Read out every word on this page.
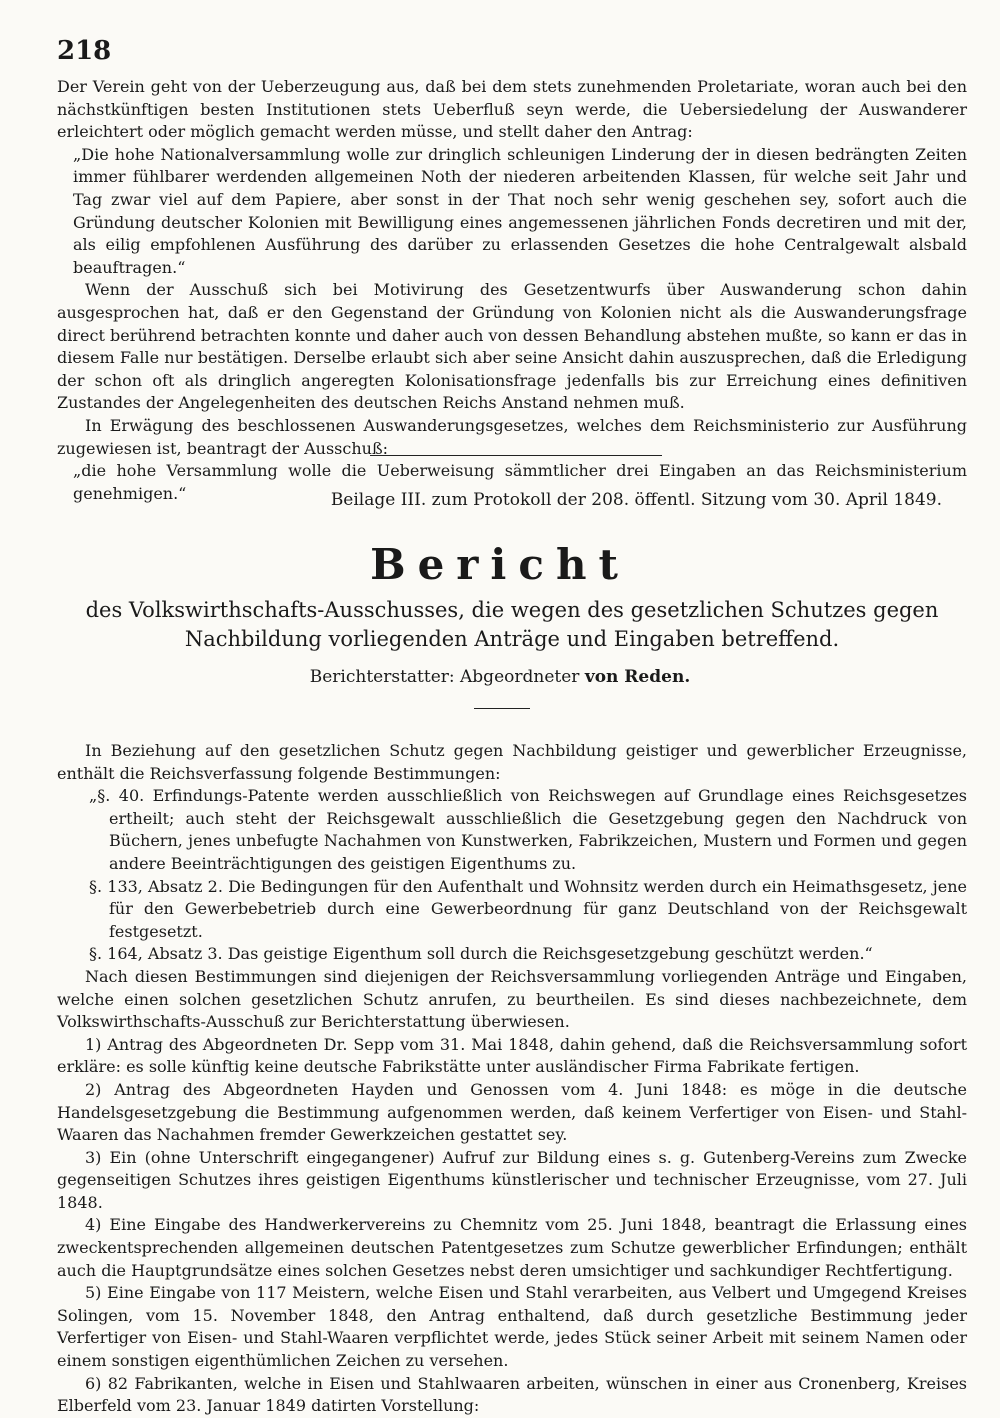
218

Der Verein geht von der Ueberzeugung aus, daß bei dem stets zunehmenden Proletariate, woran auch bei den nächstkünftigen besten Institutionen stets Ueberfluß seyn werde, die Uebersiedelung der Auswanderer erleichtert oder möglich gemacht werden müsse, und stellt daher den Antrag:

„Die hohe Nationalversammlung wolle zur dringlich schleunigen Linderung der in diesen bedrängten Zeiten immer fühlbarer werdenden allgemeinen Noth der niederen arbeitenden Klassen, für welche seit Jahr und Tag zwar viel auf dem Papiere, aber sonst in der That noch sehr wenig geschehen sey, sofort auch die Gründung deutscher Kolonien mit Bewilligung eines angemessenen jährlichen Fonds decretiren und mit der, als eilig empfohlenen Ausführung des darüber zu erlassenden Gesetzes die hohe Centralgewalt alsbald beauftragen.“

Wenn der Ausschuß sich bei Motivirung des Gesetzentwurfs über Auswanderung schon dahin ausgesprochen hat, daß er den Gegenstand der Gründung von Kolonien nicht als die Auswanderungsfrage direct berührend betrachten konnte und daher auch von dessen Behandlung abstehen mußte, so kann er das in diesem Falle nur bestätigen. Derselbe erlaubt sich aber seine Ansicht dahin auszusprechen, daß die Erledigung der schon oft als dringlich angeregten Kolonisationsfrage jedenfalls bis zur Erreichung eines definitiven Zustandes der Angelegenheiten des deutschen Reichs Anstand nehmen muß.

In Erwägung des beschlossenen Auswanderungsgesetzes, welches dem Reichsministerio zur Ausführung zugewiesen ist, beantragt der Ausschuß:

„die hohe Versammlung wolle die Ueberweisung sämmtlicher drei Eingaben an das Reichsministerium genehmigen.“	Beilage III. zum Protokoll der 208. öffentl. Sitzung vom 30. April 1849.
Bericht
des Volkswirthschafts-Ausschusses, die wegen des gesetzlichen Schutzes gegen Nachbildung vorliegenden Anträge und Eingaben betreffend.
Berichterstatter: Abgeordneter von Reden.

In Beziehung auf den gesetzlichen Schutz gegen Nachbildung geistiger und gewerblicher Erzeugnisse, enthält die Reichsverfassung folgende Bestimmungen:

„§. 40. Erfindungs-Patente werden ausschließlich von Reichswegen auf Grundlage eines Reichsgesetzes ertheilt; auch steht der Reichsgewalt ausschließlich die Gesetzgebung gegen den Nachdruck von Büchern, jenes unbefugte Nachahmen von Kunstwerken, Fabrikzeichen, Mustern und Formen und gegen andere Beeinträchtigungen des geistigen Eigenthums zu.

§. 133, Absatz 2. Die Bedingungen für den Aufenthalt und Wohnsitz werden durch ein Heimathsgesetz, jene für den Gewerbebetrieb durch eine Gewerbeordnung für ganz Deutschland von der Reichsgewalt festgesetzt.

§. 164, Absatz 3. Das geistige Eigenthum soll durch die Reichsgesetzgebung geschützt werden.“

Nach diesen Bestimmungen sind diejenigen der Reichsversammlung vorliegenden Anträge und Eingaben, welche einen solchen gesetzlichen Schutz anrufen, zu beurtheilen. Es sind dieses nachbezeichnete, dem Volkswirthschafts-Ausschuß zur Berichterstattung überwiesen.

1) Antrag des Abgeordneten Dr. Sepp vom 31. Mai 1848, dahin gehend, daß die Reichsversammlung sofort erkläre: es solle künftig keine deutsche Fabrikstätte unter ausländischer Firma Fabrikate fertigen.

2) Antrag des Abgeordneten Hayden und Genossen vom 4. Juni 1848: es möge in die deutsche Handelsgesetzgebung die Bestimmung aufgenommen werden, daß keinem Verfertiger von Eisen- und Stahl-Waaren das Nachahmen fremder Gewerkzeichen gestattet sey.

3) Ein (ohne Unterschrift eingegangener) Aufruf zur Bildung eines s. g. Gutenberg-Vereins zum Zwecke gegenseitigen Schutzes ihres geistigen Eigenthums künstlerischer und technischer Erzeugnisse, vom 27. Juli 1848.

4) Eine Eingabe des Handwerkervereins zu Chemnitz vom 25. Juni 1848, beantragt die Erlassung eines zweckentsprechenden allgemeinen deutschen Patentgesetzes zum Schutze gewerblicher Erfindungen; enthält auch die Hauptgrundsätze eines solchen Gesetzes nebst deren umsichtiger und sachkundiger Rechtfertigung.

5) Eine Eingabe von 117 Meistern, welche Eisen und Stahl verarbeiten, aus Velbert und Umgegend Kreises Solingen, vom 15. November 1848, den Antrag enthaltend, daß durch gesetzliche Bestimmung jeder Verfertiger von Eisen- und Stahl-Waaren verpflichtet werde, jedes Stück seiner Arbeit mit seinem Namen oder einem sonstigen eigenthümlichen Zeichen zu versehen.

6) 82 Fabrikanten, welche in Eisen und Stahlwaaren arbeiten, wünschen in einer aus Cronenberg, Kreises Elberfeld vom 23. Januar 1849 datirten Vorstellung:
